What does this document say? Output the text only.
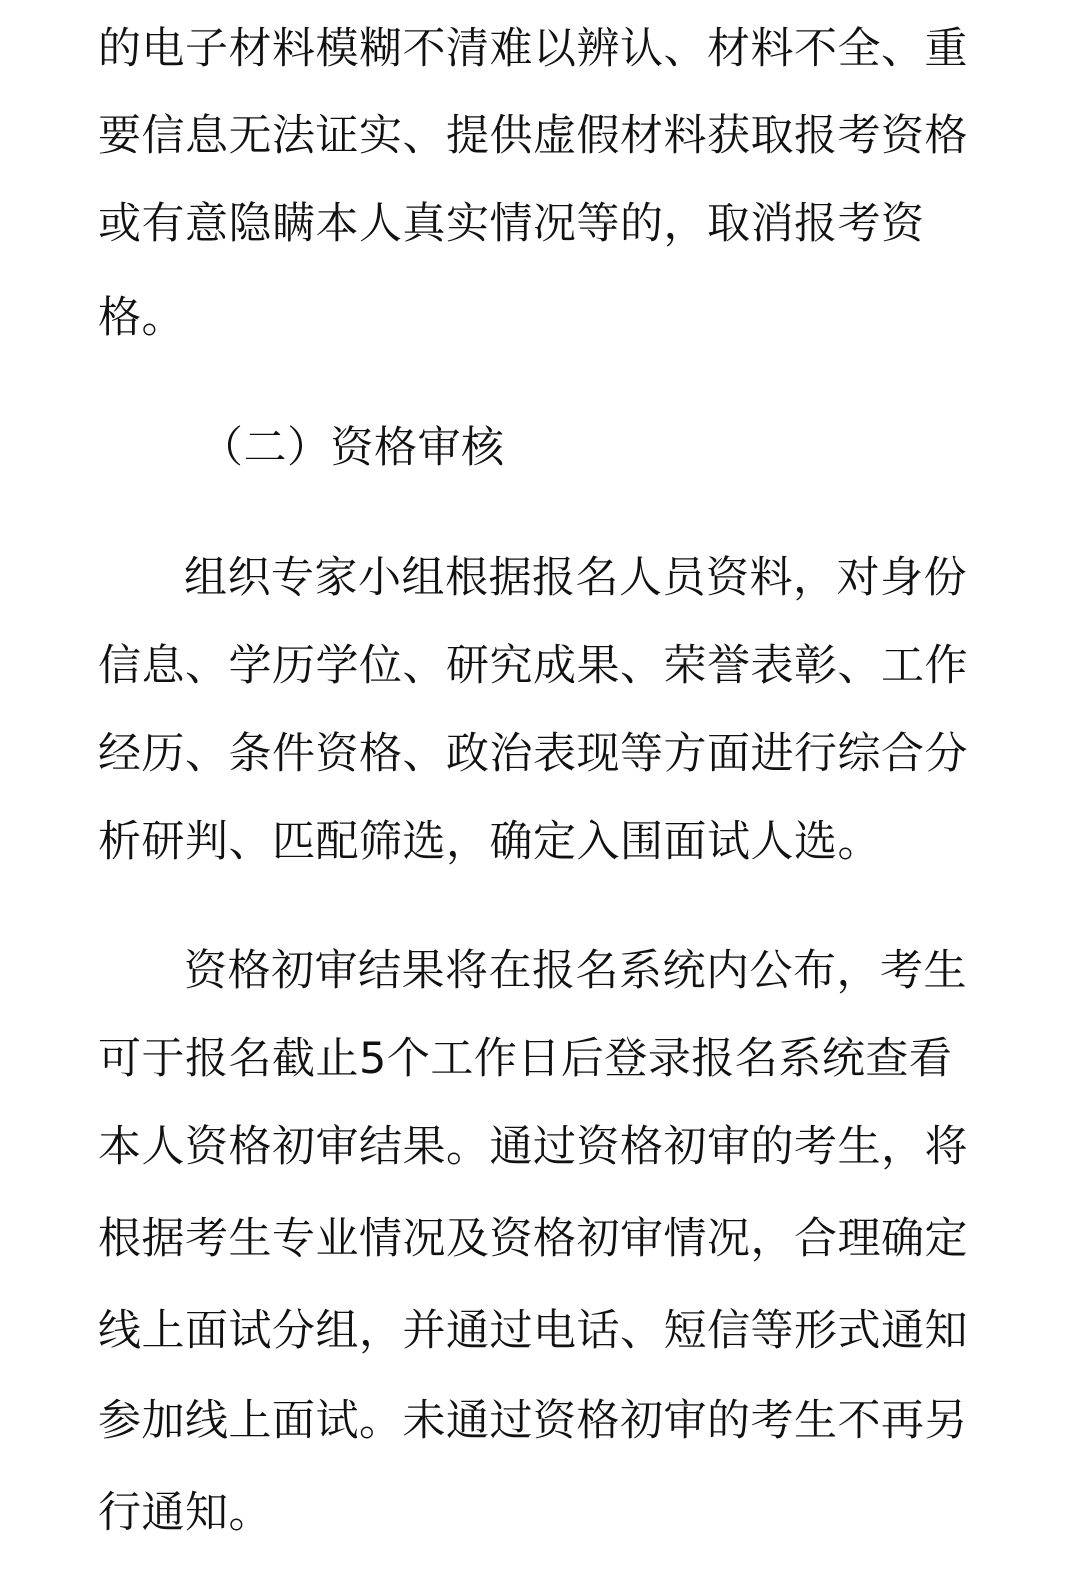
的电子材料模糊不清难以辨认、材料不全、重
要信息无法证实、提供虚假材料获取报考资格
或有意隐瞒本人真实情况等的，取消报考资
格。
（二）资格审核
组织专家小组根据报名人员资料，对身份
信息、学历学位、研究成果、荣誉表彰、工作
经历、条件资格、政治表现等方面进行综合分
析研判、匹配筛选，确定入围面试人选。
资格初审结果将在报名系统内公布，考生
可于报名截止5个工作日后登录报名系统查看
本人资格初审结果。通过资格初审的考生，将
根据考生专业情况及资格初审情况，合理确定
线上面试分组，并通过电话、短信等形式通知
参加线上面试。未通过资格初审的考生不再另
行通知。
